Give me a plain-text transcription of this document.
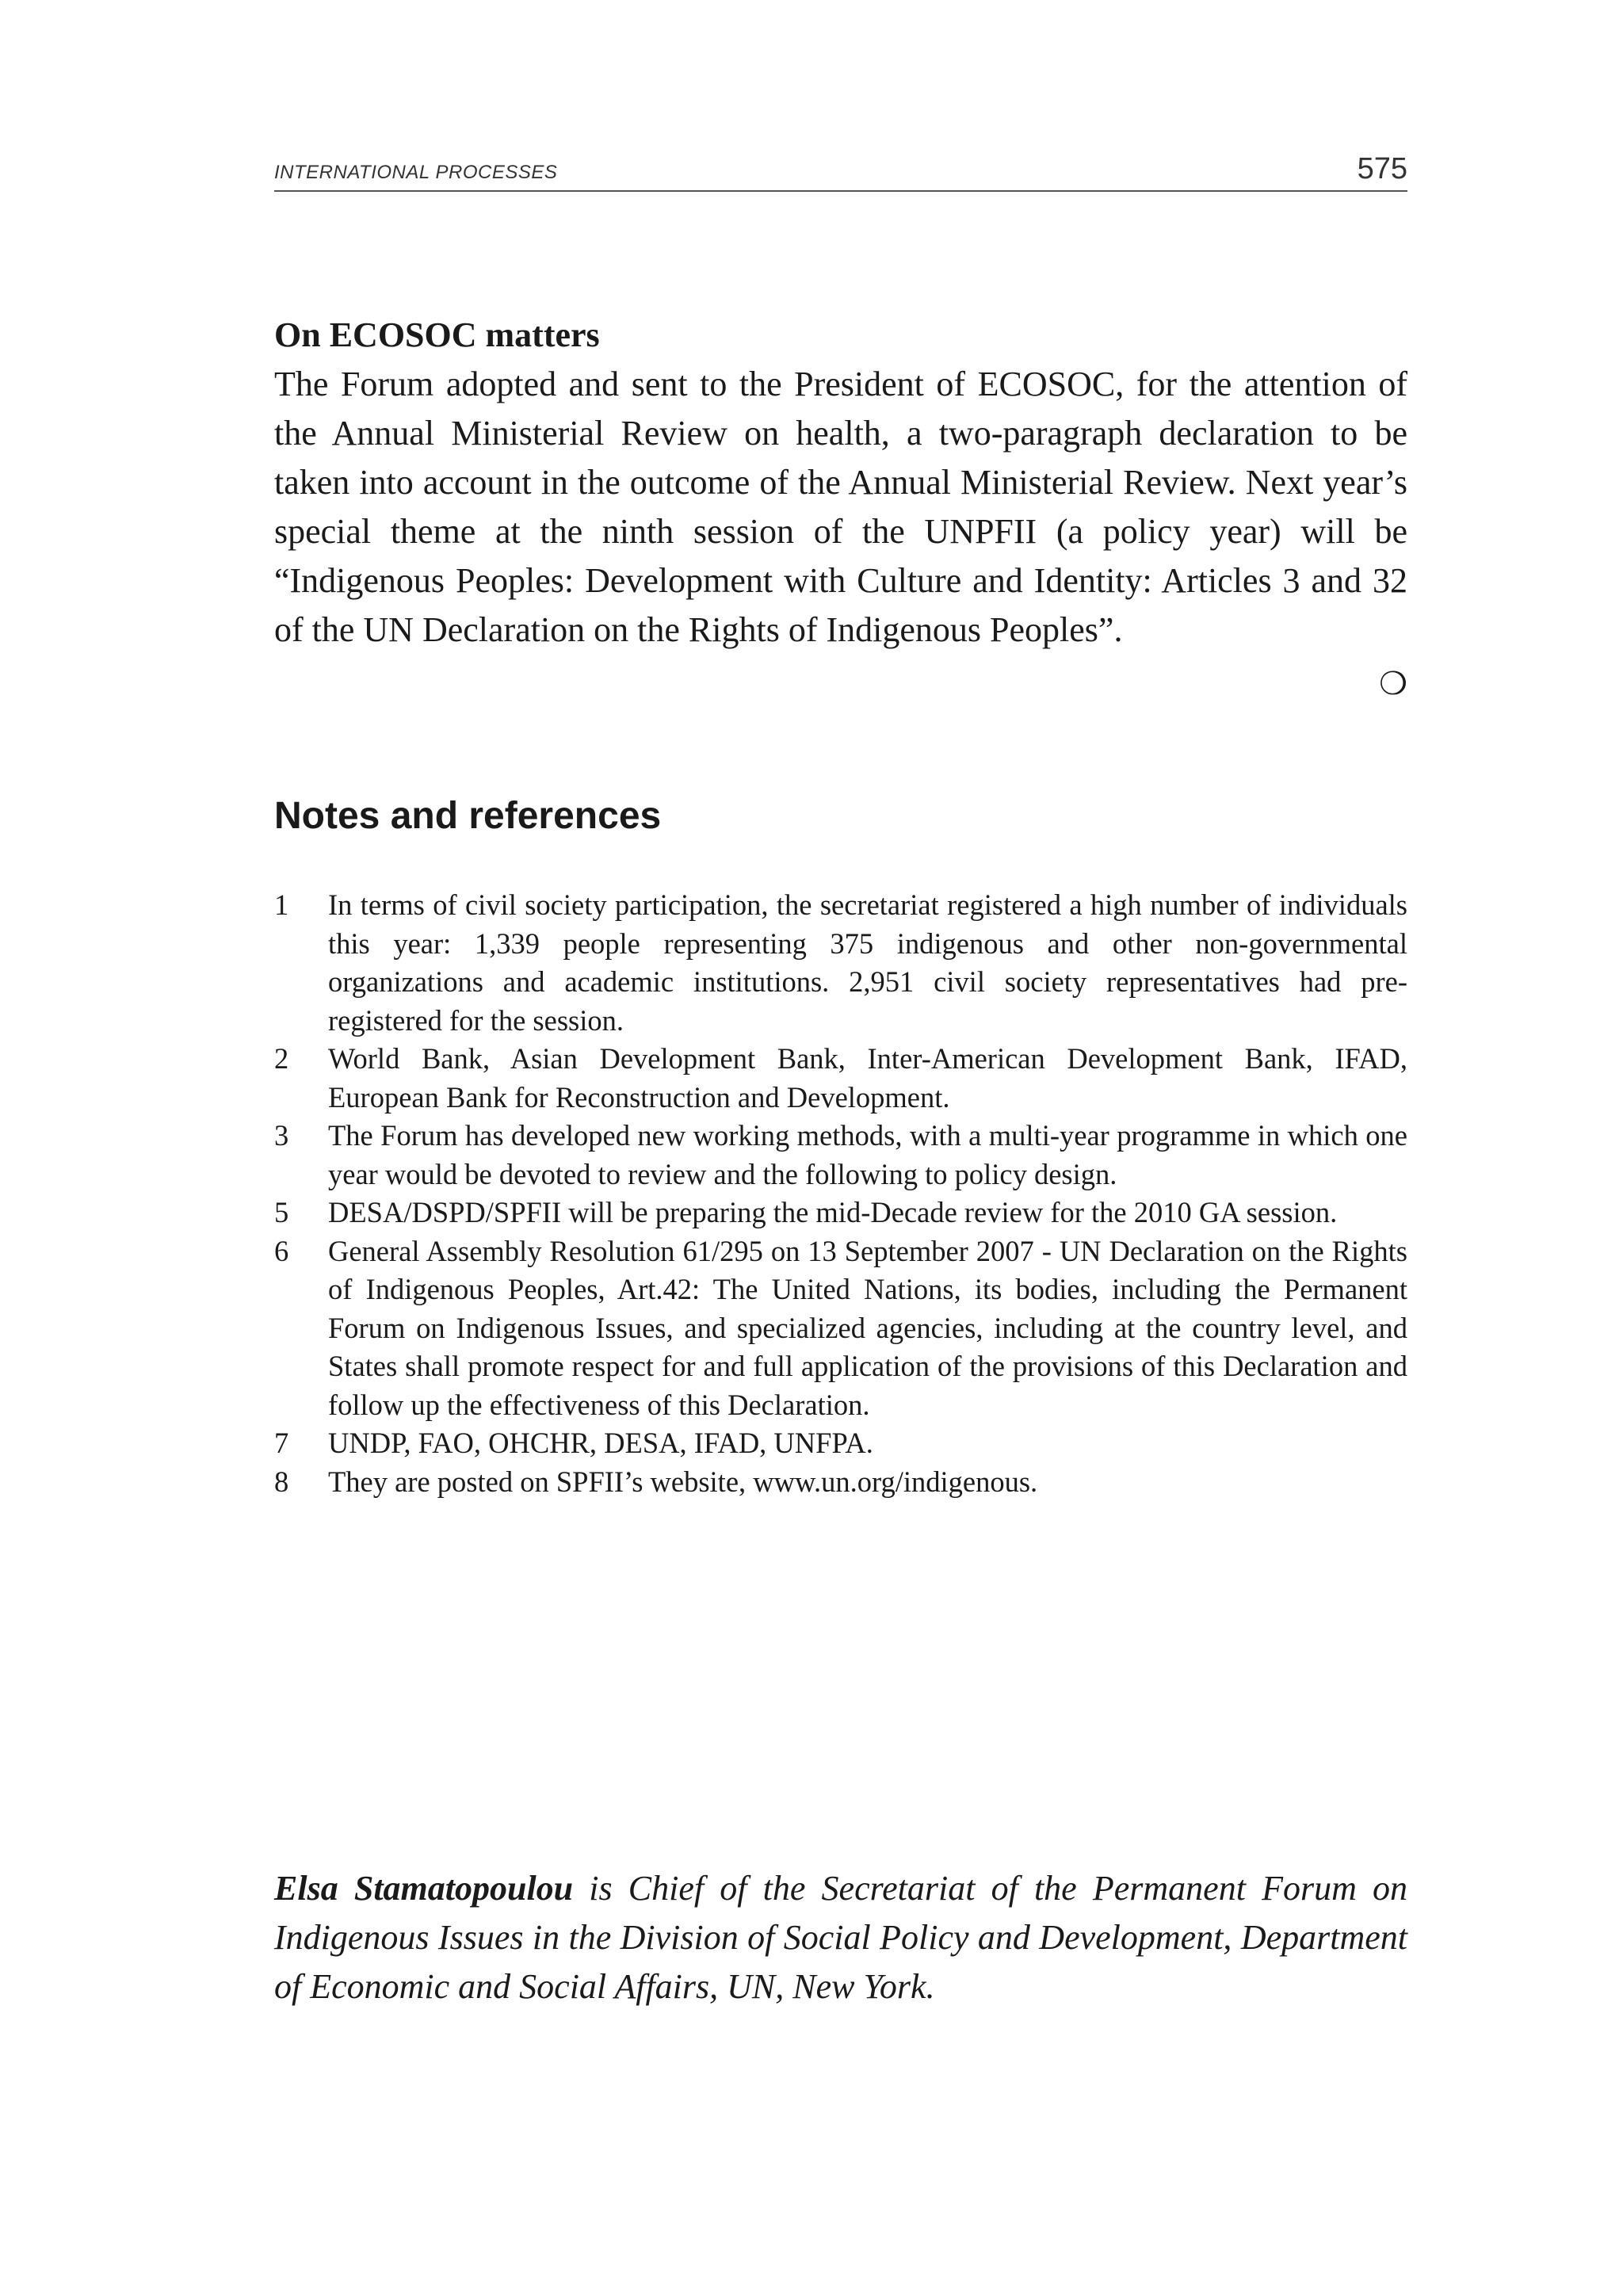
INTERNATIONAL PROCESSES	575
On ECOSOC matters

The Forum adopted and sent to the President of ECOSOC, for the attention of the Annual Ministerial Review on health, a two-paragraph declaration to be taken into account in the outcome of the Annual Ministerial Review. Next year’s special theme at the ninth session of the UNPFII (a policy year) will be “Indigenous Peoples: Development with Culture and Identity: Articles 3 and 32 of the UN Declaration on the Rights of Indigenous Peoples”.

❍
Notes and references
1 In terms of civil society participation, the secretariat registered a high number of individuals this year: 1,339 people representing 375 indigenous and other non-governmental organizations and academic institutions. 2,951 civil society representatives had pre-registered for the session.
2 World Bank, Asian Development Bank, Inter-American Development Bank, IFAD, European Bank for Reconstruction and Development.
3 The Forum has developed new working methods, with a multi-year programme in which one year would be devoted to review and the following to policy design.
5 DESA/DSPD/SPFII will be preparing the mid-Decade review for the 2010 GA session.
6 General Assembly Resolution 61/295 on 13 September 2007 - UN Declaration on the Rights of Indigenous Peoples, Art.42: The United Nations, its bodies, including the Permanent Forum on Indigenous Issues, and specialized agencies, including at the country level, and States shall promote respect for and full application of the provisions of this Declaration and follow up the effectiveness of this Declaration.
7 UNDP, FAO, OHCHR, DESA, IFAD, UNFPA.
8 They are posted on SPFII’s website, www.un.org/indigenous.

Elsa Stamatopoulou is Chief of the Secretariat of the Permanent Forum on Indigenous Issues in the Division of Social Policy and Development, Department of Economic and Social Affairs, UN, New York.
